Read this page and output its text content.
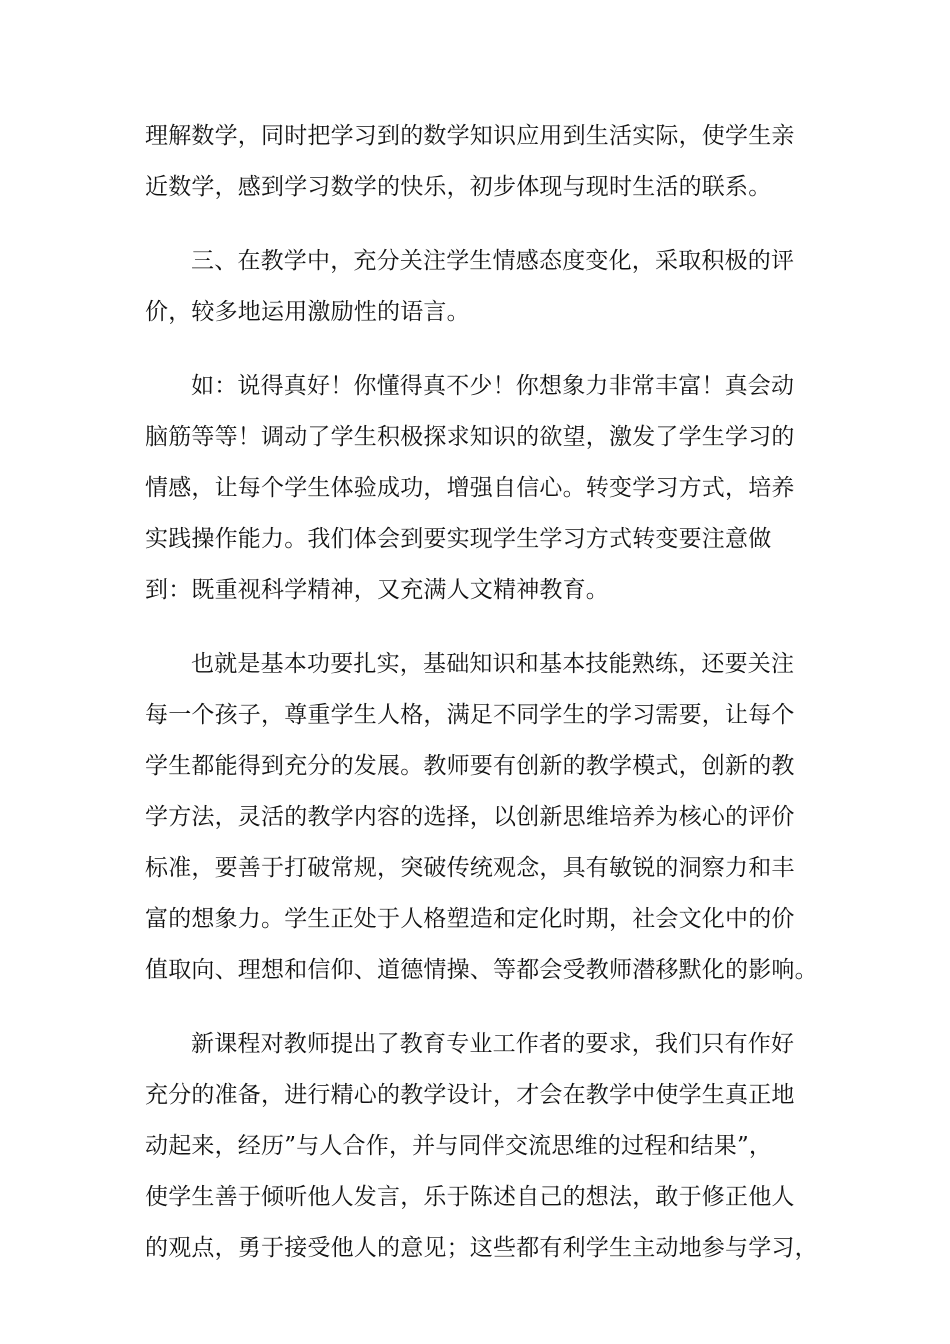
理解数学，同时把学习到的数学知识应用到生活实际，使学生亲
近数学，感到学习数学的快乐，初步体现与现时生活的联系。
三、在教学中，充分关注学生情感态度变化，采取积极的评
价，较多地运用激励性的语言。
如：说得真好！你懂得真不少！你想象力非常丰富！真会动
脑筋等等！调动了学生积极探求知识的欲望，激发了学生学习的
情感，让每个学生体验成功，增强自信心。转变学习方式，培养
实践操作能力。我们体会到要实现学生学习方式转变要注意做
到：既重视科学精神，又充满人文精神教育。
也就是基本功要扎实，基础知识和基本技能熟练，还要关注
每一个孩子，尊重学生人格，满足不同学生的学习需要，让每个
学生都能得到充分的发展。教师要有创新的教学模式，创新的教
学方法，灵活的教学内容的选择，以创新思维培养为核心的评价
标准，要善于打破常规，突破传统观念，具有敏锐的洞察力和丰
富的想象力。学生正处于人格塑造和定化时期，社会文化中的价
值取向、理想和信仰、道德情操、等都会受教师潜移默化的影响。
新课程对教师提出了教育专业工作者的要求，我们只有作好
充分的准备，进行精心的教学设计，才会在教学中使学生真正地
动起来，经历”与人合作，并与同伴交流思维的过程和结果”，
使学生善于倾听他人发言，乐于陈述自己的想法，敢于修正他人
的观点，勇于接受他人的意见；这些都有利学生主动地参与学习，
